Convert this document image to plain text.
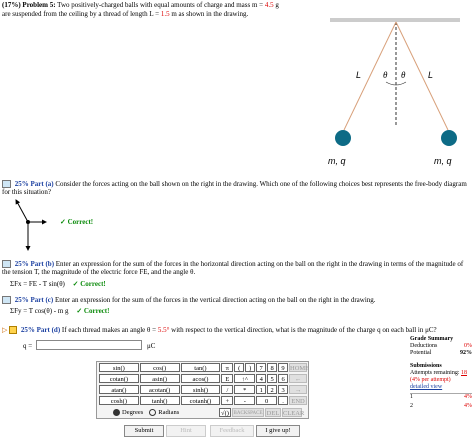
(17%) Problem 5: Two positively-charged balls with equal amounts of charge and mass m = 4.5 g
are suspended from the ceiling by a thread of length L = 1.5 m as shown in the drawing.
L θ θ	L
m, q	m, q
25% Part (a) Consider the forces acting on the ball shown on the right in the drawing. Which one of the following choices best represents the free-body diagram for this situation?
✓ Correct!
25% Part (b) Enter an expression for the sum of the forces in the horizontal direction acting on the ball on the right in the drawing in terms of the magnitude of the tension T, the magnitude of the electric force FE, and the angle θ.
ΣFx = FE - T sin(θ) ✓ Correct!
25% Part (c) Enter an expression for the sum of the forces in the vertical direction acting on the ball on the right in the drawing.
ΣFy = T cos(θ) - m g ✓ Correct!
▷ 25% Part (d) If each thread makes an angle θ = 5.5° with respect to the vertical direction, what is the magnitude of the charge q on each ball in μC?
q =	μC
sin()	cos()	tan()	π	(	)	7	8	9 HOME
cotan()	asin()	acos()	E	↑^	4	5	6	←
atan()	acotan()	sinh()	/	*	1	2	3	→
cosh()	tanh()	cotanh()	+	-	0	.	END
Degrees Radians	√() BACKSPACE DEL CLEAR
Submit	Hint	Feedback	I give up!
Grade Summary
Deductions	0%
Potential	92%
Submissions
Attempts remaining: 18
(4% per attempt)
detailed view
1	4%
2	4%
